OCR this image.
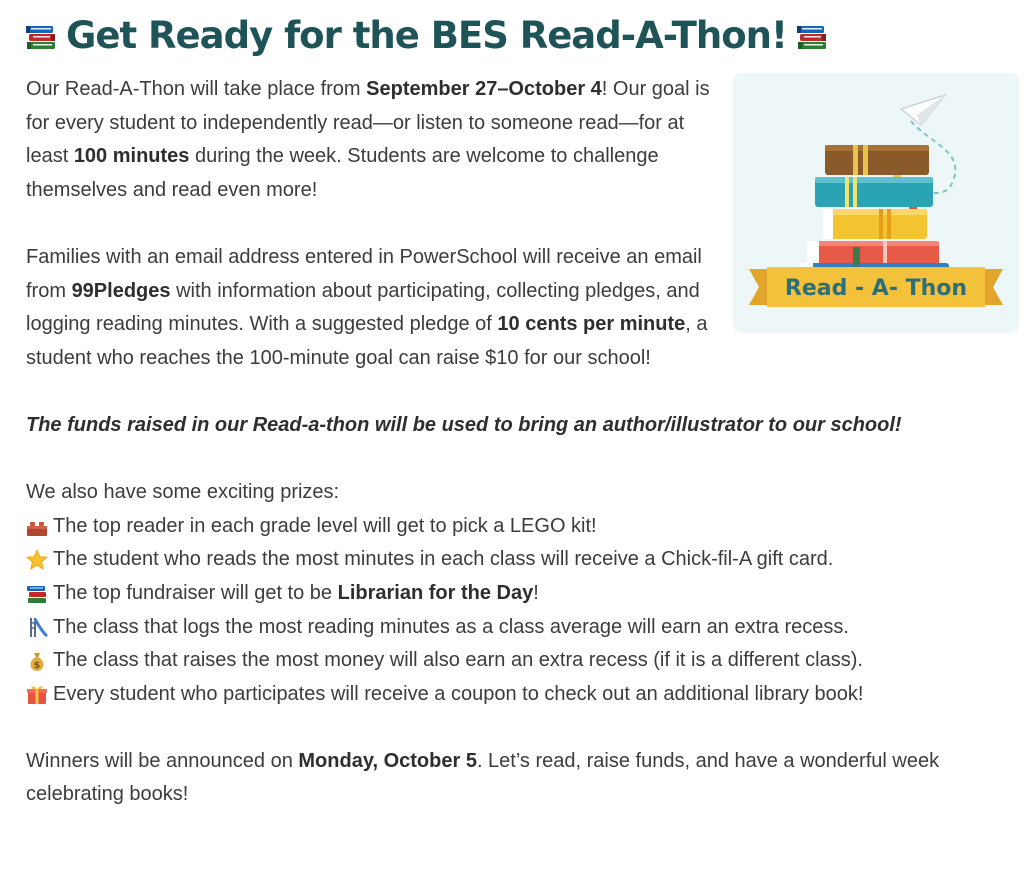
Get Ready for the BES Read-A-Thon!
Read - A- Thon

Our Read-A-Thon will take place from September 27–October 4! Our goal is for every student to independently read—or listen to someone read—for at least 100 minutes during the week. Students are welcome to challenge themselves and read even more!

Families with an email address entered in PowerSchool will receive an email from 99Pledges with information about participating, collecting pledges, and logging reading minutes. With a suggested pledge of 10 cents per minute, a student who reaches the 100-minute goal can raise $10 for our school!

The funds raised in our Read-a-thon will be used to bring an author/illustrator to our school!

We also have some exciting prizes:

The top reader in each grade level will get to pick a LEGO kit!
The student who reads the most minutes in each class will receive a Chick-fil-A gift card.
The top fundraiser will get to be Librarian for the Day!
The class that logs the most reading minutes as a class average will earn an extra recess.
$ The class that raises the most money will also earn an extra recess (if it is a different class).
Every student who participates will receive a coupon to check out an additional library book!

Winners will be announced on Monday, October 5. Let’s read, raise funds, and have a wonderful week celebrating books!
